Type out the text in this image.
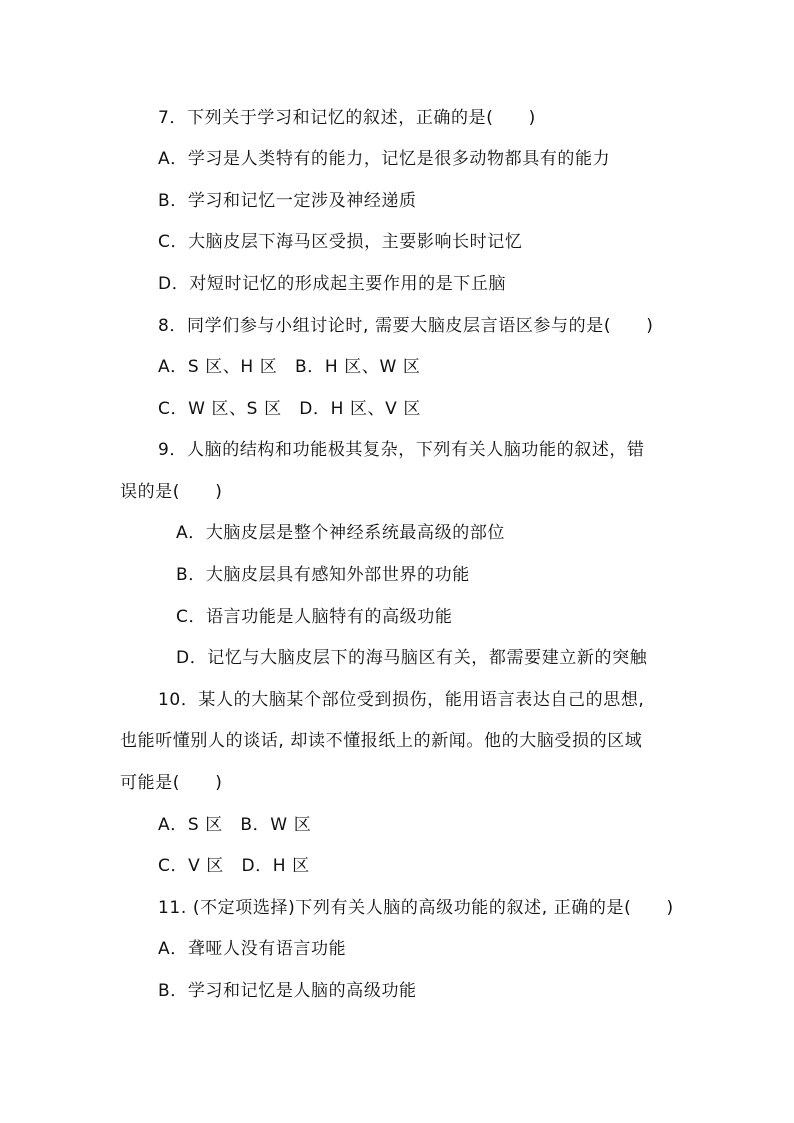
7．下列关于学习和记忆的叙述，正确的是(　　)
A．学习是人类特有的能力，记忆是很多动物都具有的能力
B．学习和记忆一定涉及神经递质
C．大脑皮层下海马区受损，主要影响长时记忆
D．对短时记忆的形成起主要作用的是下丘脑
8．同学们参与小组讨论时, 需要大脑皮层言语区参与的是(　　)
A．S 区、H 区　B．H 区、W 区
C．W 区、S 区　D．H 区、V 区
9．人脑的结构和功能极其复杂，下列有关人脑功能的叙述，错
误的是(　　)
A．大脑皮层是整个神经系统最高级的部位
B．大脑皮层具有感知外部世界的功能
C．语言功能是人脑特有的高级功能
D．记忆与大脑皮层下的海马脑区有关，都需要建立新的突触
10．某人的大脑某个部位受到损伤，能用语言表达自己的思想,
也能听懂别人的谈话, 却读不懂报纸上的新闻。他的大脑受损的区域
可能是(　　)
A．S 区　B．W 区
C．V 区　D．H 区
11. (不定项选择)下列有关人脑的高级功能的叙述, 正确的是(　　)
A．聋哑人没有语言功能
B．学习和记忆是人脑的高级功能
